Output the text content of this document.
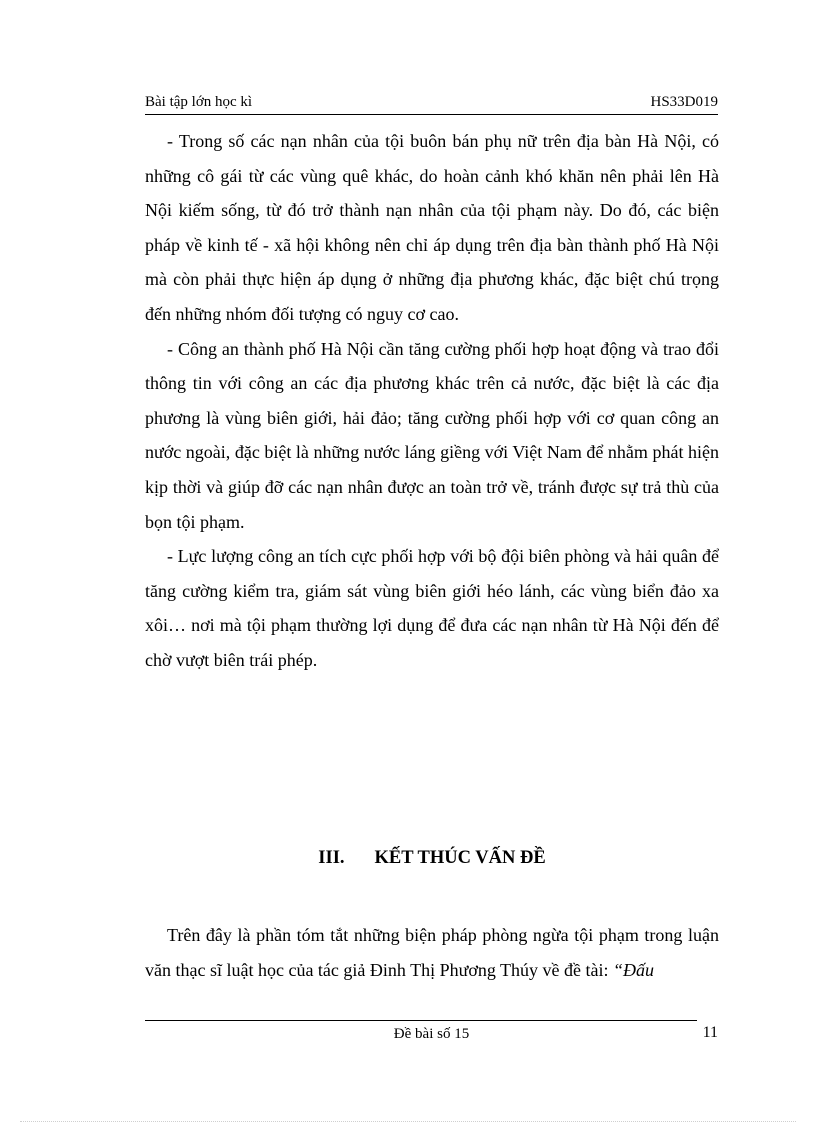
Bài tập lớn học kì	HS33D019

- Trong số các nạn nhân của tội buôn bán phụ nữ trên địa bàn Hà Nội, có những cô gái từ các vùng quê khác, do hoàn cảnh khó khăn nên phải lên Hà Nội kiếm sống, từ đó trở thành nạn nhân của tội phạm này. Do đó, các biện pháp về kinh tế - xã hội không nên chỉ áp dụng trên địa bàn thành phố Hà Nội mà còn phải thực hiện áp dụng ở những địa phương khác, đặc biệt chú trọng đến những nhóm đối tượng có nguy cơ cao.

- Công an thành phố Hà Nội cần tăng cường phối hợp hoạt động và trao đổi thông tin với công an các địa phương khác trên cả nước, đặc biệt là các địa phương là vùng biên giới, hải đảo; tăng cường phối hợp với cơ quan công an nước ngoài, đặc biệt là những nước láng giềng với Việt Nam để nhằm phát hiện kịp thời và giúp đỡ các nạn nhân được an toàn trở về, tránh được sự trả thù của bọn tội phạm.

- Lực lượng công an tích cực phối hợp với bộ đội biên phòng và hải quân để tăng cường kiểm tra, giám sát vùng biên giới héo lánh, các vùng biển đảo xa xôi… nơi mà tội phạm thường lợi dụng để đưa các nạn nhân từ Hà Nội đến để chờ vượt biên trái phép.

III. KẾT THÚC VẤN ĐỀ

Trên đây là phần tóm tắt những biện pháp phòng ngừa tội phạm trong luận văn thạc sĩ luật học của tác giả Đinh Thị Phương Thúy về đề tài: “Đấu

Đề bài số 15	11
